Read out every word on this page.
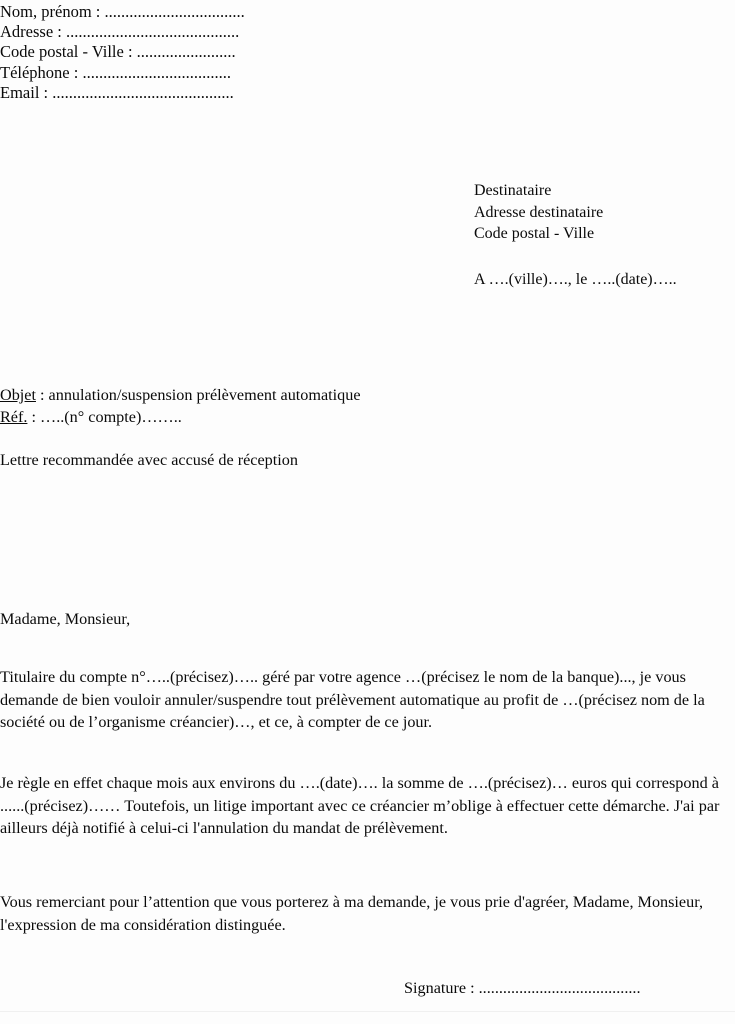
Nom, prénom : ..................................
Adresse : ..........................................
Code postal - Ville : ........................
Téléphone : ....................................
Email : ............................................
Destinataire
Adresse destinataire
Code postal - Ville
A ….(ville)…., le …..(date)…..
Objet : annulation/suspension prélèvement automatique
Réf. : …..(n° compte)……..
Lettre recommandée avec accusé de réception
Madame, Monsieur,
Titulaire du compte n°…..(précisez)….. géré par votre agence …(précisez le nom de la banque)..., je vous demande de bien vouloir annuler/suspendre tout prélèvement automatique au profit de …(précisez nom de la société ou de l’organisme créancier)…, et ce, à compter de ce jour.
Je règle en effet chaque mois aux environs du ….(date)…. la somme de ….(précisez)… euros qui correspond à ......(précisez)…… Toutefois, un litige important avec ce créancier m’oblige à effectuer cette démarche. J'ai par ailleurs déjà notifié à celui-ci l'annulation du mandat de prélèvement.
Vous remerciant pour l’attention que vous porterez à ma demande, je vous prie d'agréer, Madame, Monsieur, l'expression de ma considération distinguée.
Signature : ........................................
